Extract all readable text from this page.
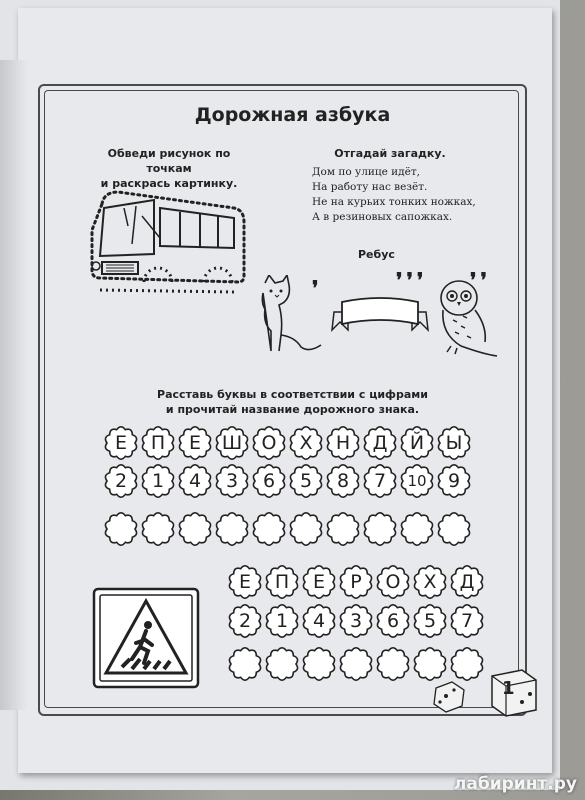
Дорожная азбука
Обведи рисунок по точкам
и раскрась картинку.
Отгадай загадку.
Дом по улице идёт,
На работу нас везёт.
Не на курьих тонких ножках,
А в резиновых сапожках.
Ребус
❜	❜❜❜ ❜❜
Расставь буквы в соответствии с цифрами
и прочитай название дорожного знака.
Е	П	Е	Ш	О	Х	Н	Д	Й	Ы
2	1	4	3	6	5	8	7	10	9
Е	П	Е	Р	О	Х	Д
2	1	4	3	6	5	7
1
лабиринт.ру
